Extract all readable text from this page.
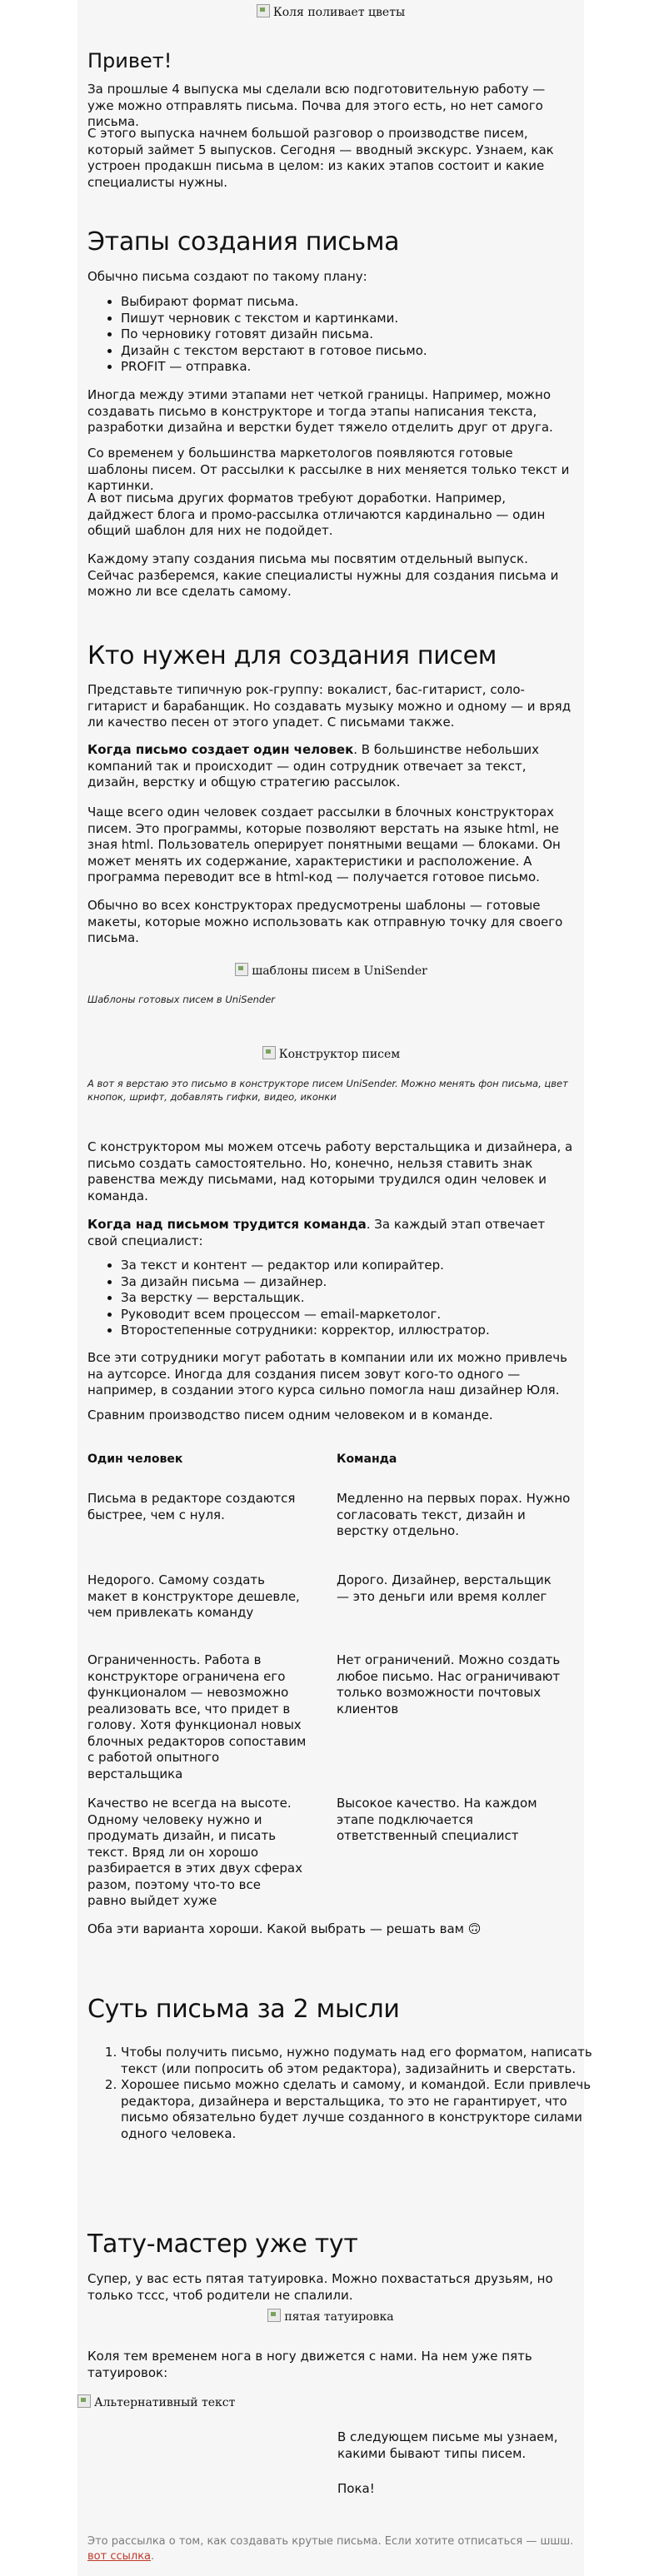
Коля поливает цветы
Привет!

За прошлые 4 выпуска мы сделали всю подготовительную работу — уже можно отправлять письма. Почва для этого есть, но нет самого письма.

С этого выпуска начнем большой разговор о производстве писем, который займет 5 выпусков. Сегодня — вводный экскурс. Узнаем, как устроен продакшн письма в целом: из каких этапов состоит и какие специалисты нужны.

Этапы создания письма

Обычно письма создают по такому плану:

• Выбирают формат письма.
• Пишут черновик с текстом и картинками.
• По черновику готовят дизайн письма.
• Дизайн с текстом верстают в готовое письмо.
• PROFIT — отправка.

Иногда между этими этапами нет четкой границы. Например, можно создавать письмо в конструкторе и тогда этапы написания текста, разработки дизайна и верстки будет тяжело отделить друг от друга.

Со временем у большинства маркетологов появляются готовые шаблоны писем. От рассылки к рассылке в них меняется только текст и картинки.

А вот письма других форматов требуют доработки. Например, дайджест блога и промо-рассылка отличаются кардинально — один общий шаблон для них не подойдет.

Каждому этапу создания письма мы посвятим отдельный выпуск. Сейчас разберемся, какие специалисты нужны для создания письма и можно ли все сделать самому.

Кто нужен для создания писем

Представьте типичную рок-группу: вокалист, бас-гитарист, соло-гитарист и барабанщик. Но создавать музыку можно и одному — и вряд ли качество песен от этого упадет. С письмами также.

Когда письмо создает один человек. В большинстве небольших компаний так и происходит — один сотрудник отвечает за текст, дизайн, верстку и общую стратегию рассылок.

Чаще всего один человек создает рассылки в блочных конструкторах писем. Это программы, которые позволяют верстать на языке html, не зная html. Пользователь оперирует понятными вещами — блоками. Он может менять их содержание, характеристики и расположение. А программа переводит все в html-код — получается готовое письмо.

Обычно во всех конструкторах предусмотрены шаблоны — готовые макеты, которые можно использовать как отправную точку для своего письма.

шаблоны писем в UniSender

Шаблоны готовых писем в UniSender

Конструктор писем

А вот я верстаю это письмо в конструкторе писем UniSender. Можно менять фон письма, цвет кнопок, шрифт, добавлять гифки, видео, иконки

С конструктором мы можем отсечь работу верстальщика и дизайнера, а письмо создать самостоятельно. Но, конечно, нельзя ставить знак равенства между письмами, над которыми трудился один человек и команда.

Когда над письмом трудится команда. За каждый этап отвечает свой специалист:

• За текст и контент — редактор или копирайтер.
• За дизайн письма — дизайнер.
• За верстку — верстальщик.
• Руководит всем процессом — email-маркетолог.
• Второстепенные сотрудники: корректор, иллюстратор.

Все эти сотрудники могут работать в компании или их можно привлечь на аутсорсе. Иногда для создания писем зовут кого-то одного — например, в создании этого курса сильно помогла наш дизайнер Юля.

Сравним производство писем одним человеком и в команде.

Один человек	Команда
Письма в редакторе создаются быстрее, чем с нуля.
Медленно на первых порах. Нужно согласовать текст, дизайн и верстку отдельно.
Недорого. Самому создать макет в конструкторе дешевле, чем привлекать команду
Дорого. Дизайнер, верстальщик — это деньги или время коллег
Ограниченность. Работа в конструкторе ограничена его функционалом — невозможно реализовать все, что придет в голову. Хотя функционал новых блочных редакторов сопоставим с работой опытного верстальщика
Нет ограничений. Можно создать любое письмо. Нас ограничивают только возможности почтовых клиентов
Качество не всегда на высоте. Одному человеку нужно и продумать дизайн, и писать текст. Вряд ли он хорошо разбирается в этих двух сферах разом, поэтому что-то все равно выйдет хуже
Высокое качество. На каждом этапе подключается ответственный специалист

Оба эти варианта хороши. Какой выбрать — решать вам 🙃

Суть письма за 2 мысли
1. Чтобы получить письмо, нужно подумать над его форматом, написать текст (или попросить об этом редактора), задизайнить и сверстать.
2. Хорошее письмо можно сделать и самому, и командой. Если привлечь редактора, дизайнера и верстальщика, то это не гарантирует, что письмо обязательно будет лучше созданного в конструкторе силами одного человека.
Тату-мастер уже тут

Супер, у вас есть пятая татуировка. Можно похвастаться друзьям, но только тссс, чтоб родители не спалили.

пятая татуировка

Коля тем временем нога в ногу движется с нами. На нем уже пять татуировок:

Альтернативный текст

В следующем письме мы узнаем, какими бывают типы писем.

Пока!

Это рассылка о том, как создавать крутые письма. Если хотите отписаться — шшш. вот ссылка.
